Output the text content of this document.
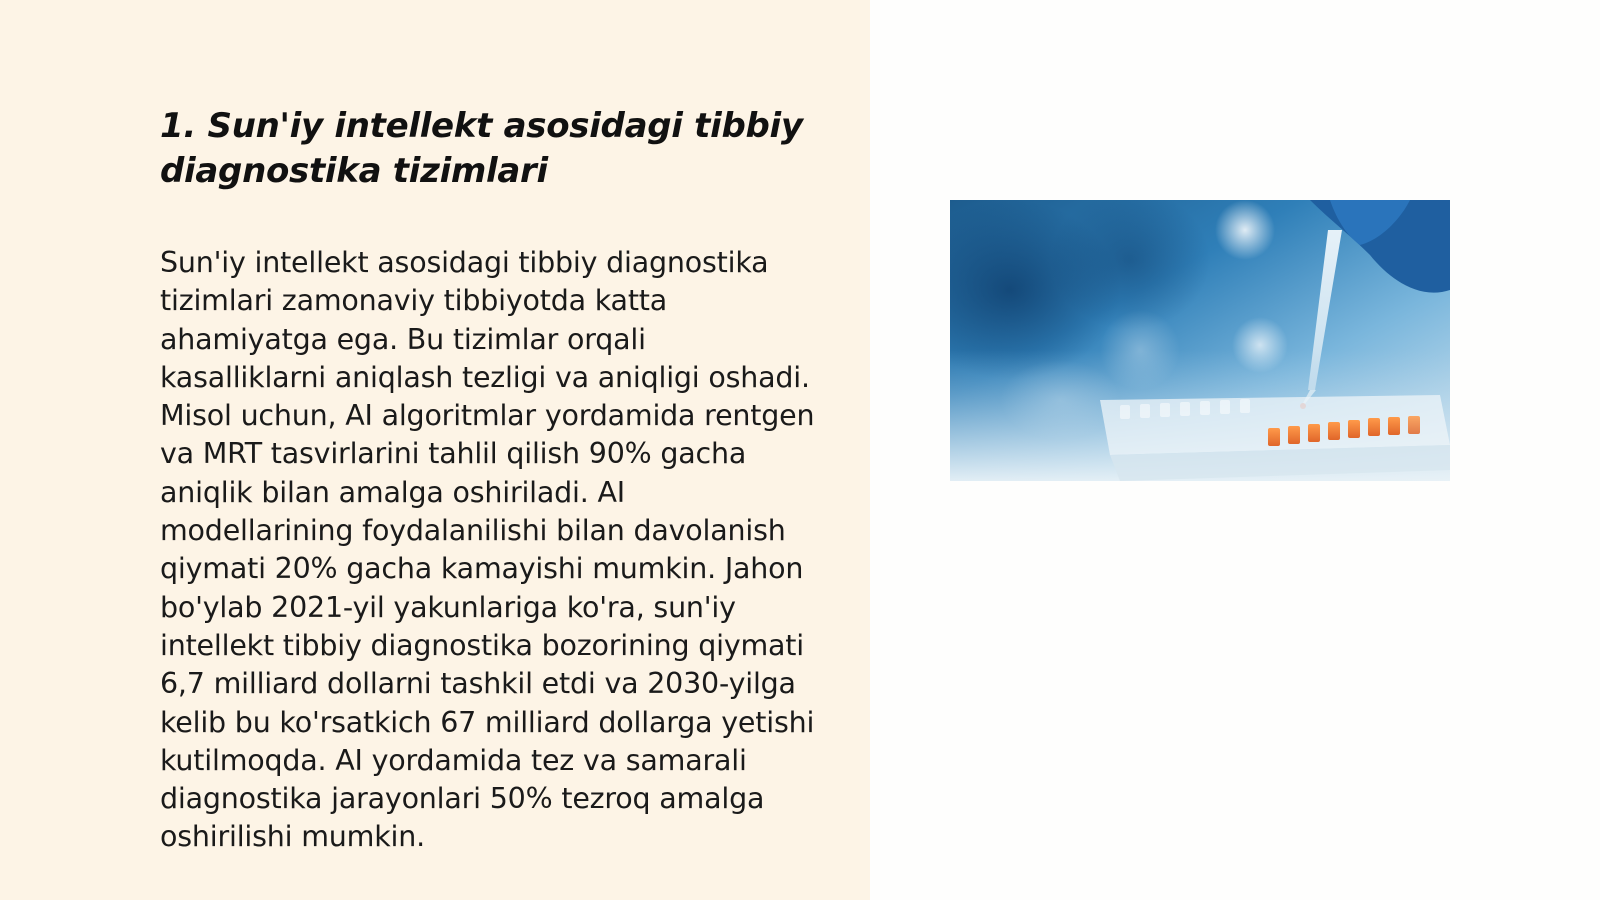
1. Sun'iy intellekt asosidagi tibbiy diagnostika tizimlari

Sun'iy intellekt asosidagi tibbiy diagnostika tizimlari zamonaviy tibbiyotda katta ahamiyatga ega. Bu tizimlar orqali kasalliklarni aniqlash tezligi va aniqligi oshadi. Misol uchun, AI algoritmlar yordamida rentgen va MRT tasvirlarini tahlil qilish 90% gacha aniqlik bilan amalga oshiriladi. AI modellarining foydalanilishi bilan davolanish qiymati 20% gacha kamayishi mumkin. Jahon bo'ylab 2021-yil yakunlariga ko'ra, sun'iy intellekt tibbiy diagnostika bozorining qiymati 6,7 milliard dollarni tashkil etdi va 2030-yilga kelib bu ko'rsatkich 67 milliard dollarga yetishi kutilmoqda. AI yordamida tez va samarali diagnostika jarayonlari 50% tezroq amalga oshirilishi mumkin.
